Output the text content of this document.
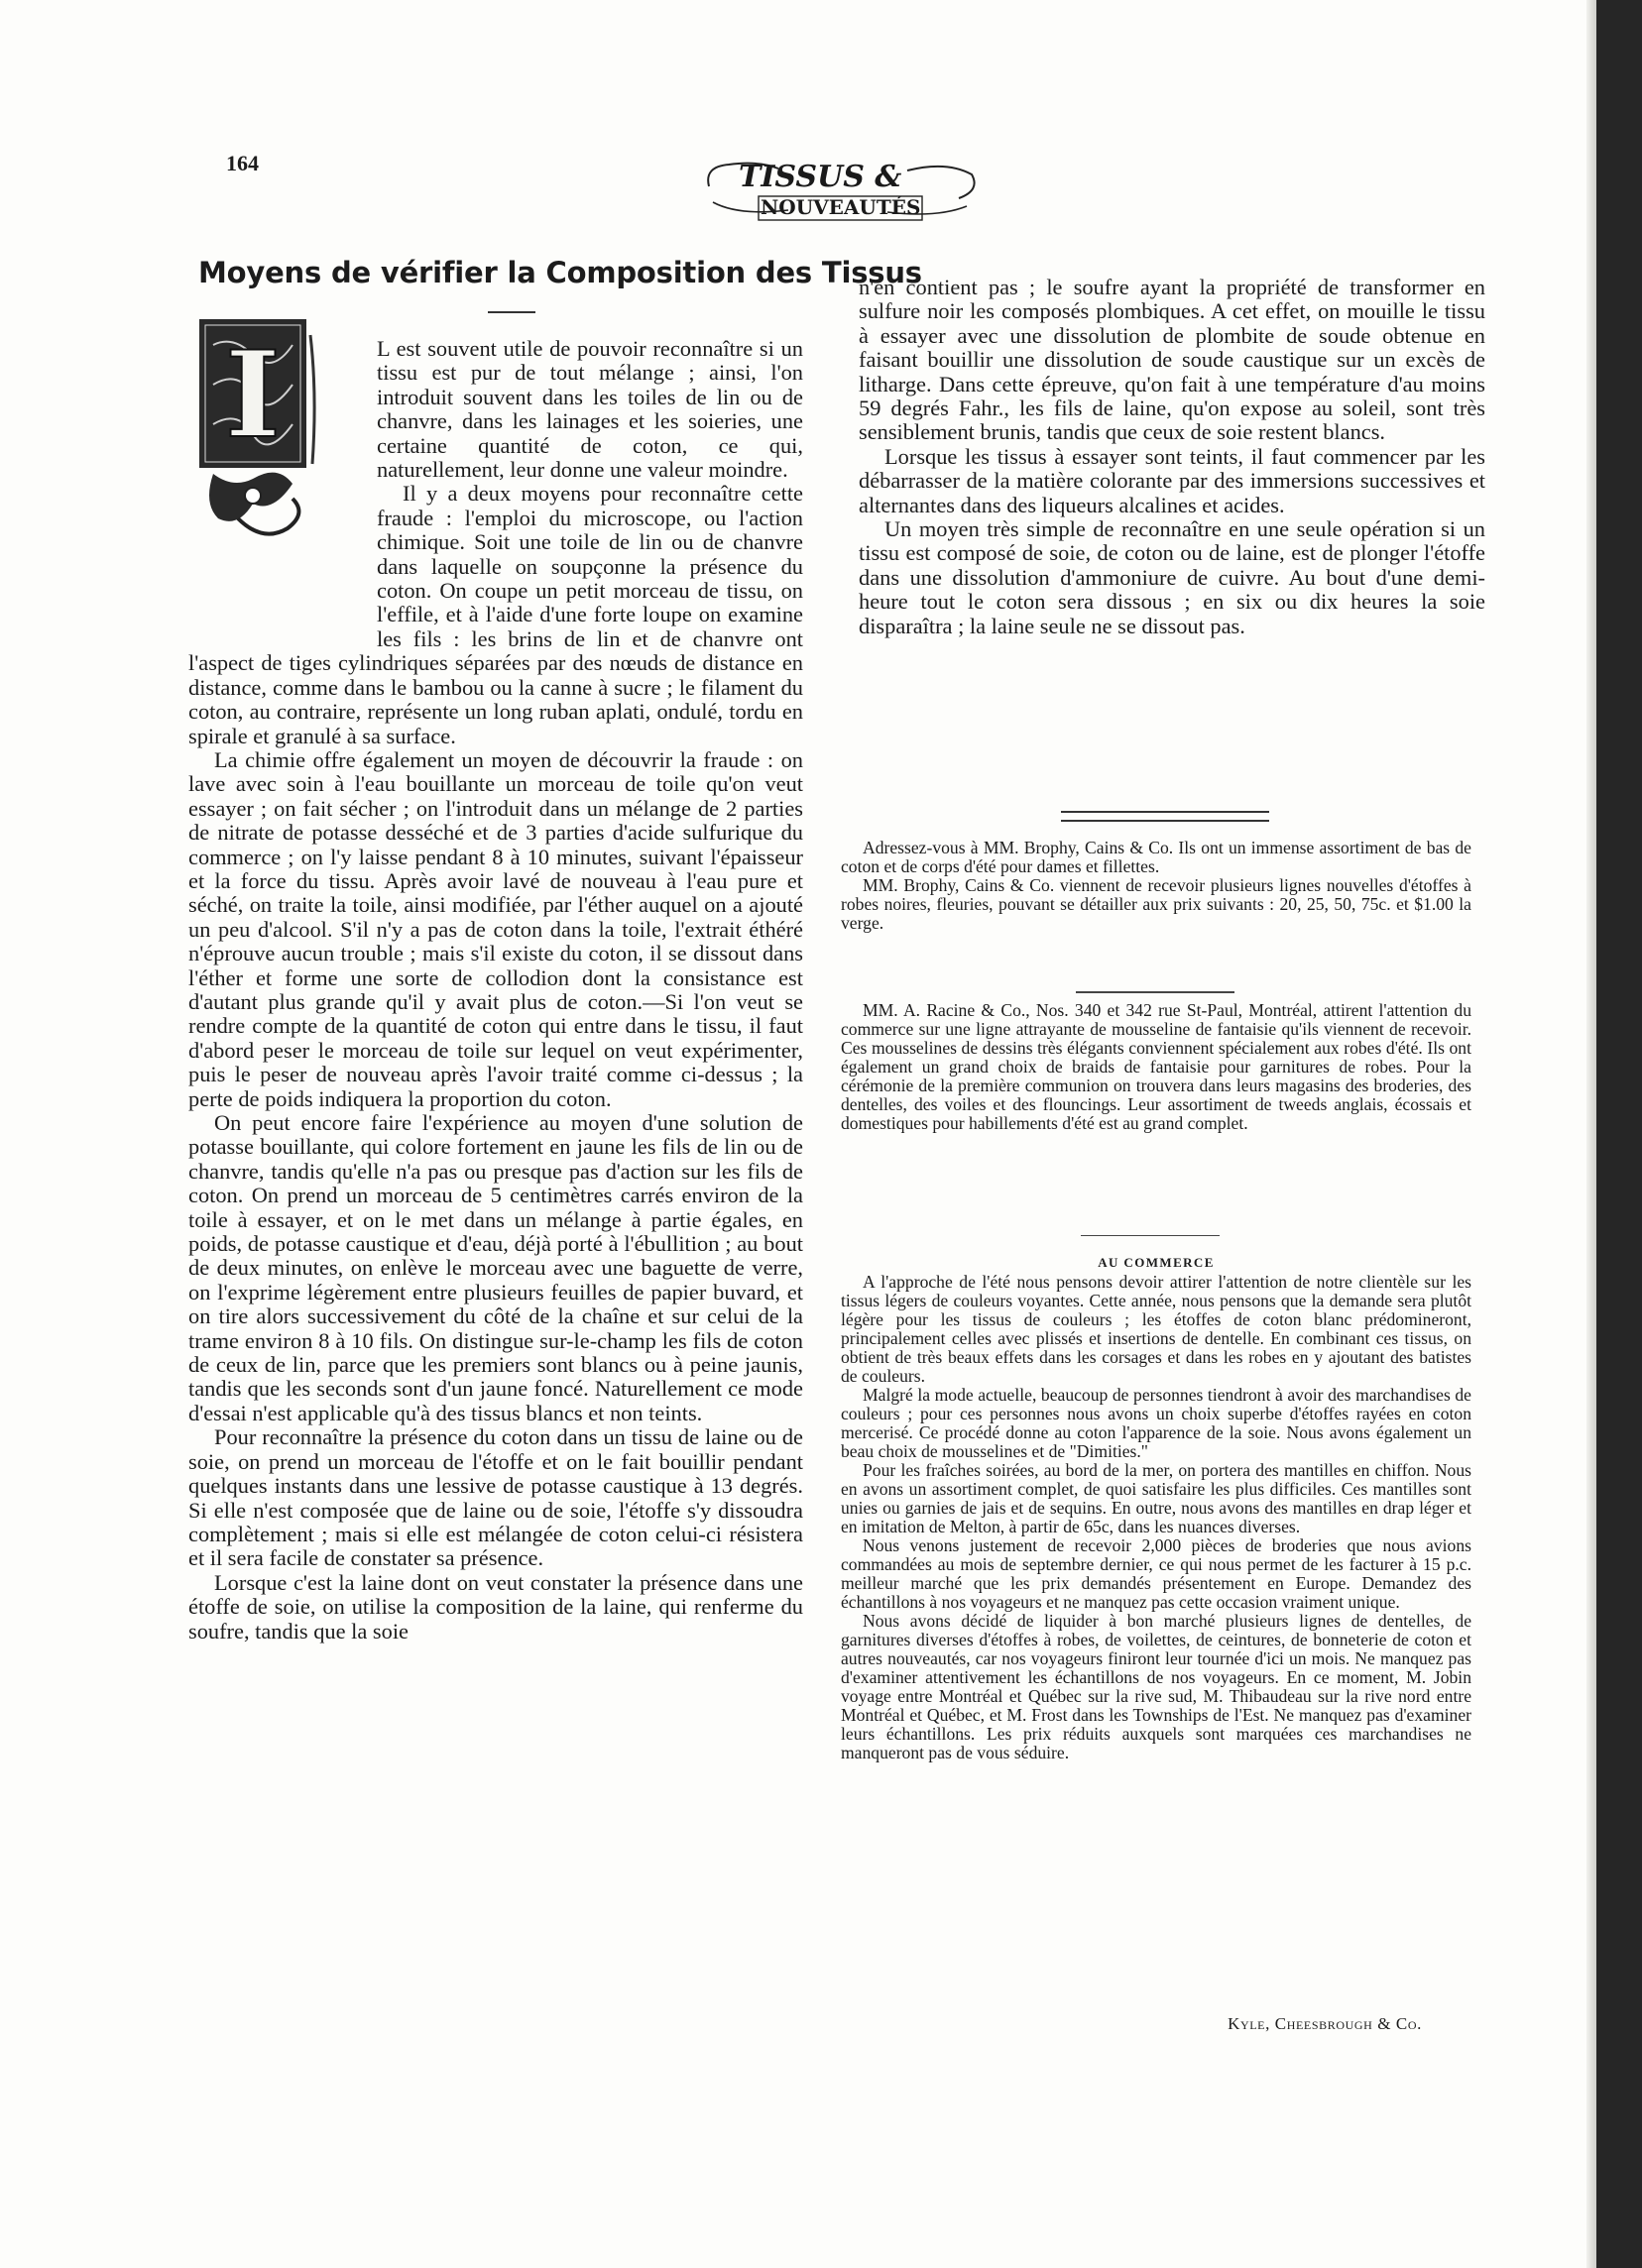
164	TISSUS &
NOUVEAUTÉS
Moyens de vérifier la Composition des Tissus
I	L est souvent utile de pouvoir reconnaître si un tissu est pur de tout mélange ; ainsi, l'on introduit souvent dans les toiles de lin ou de chanvre, dans les lainages et les soieries, une certaine quantité de coton, ce qui, naturellement, leur donne une valeur moindre.

Il y a deux moyens pour reconnaître cette fraude : l'emploi du microscope, ou l'action chimique. Soit une toile de lin ou de chanvre dans laquelle on soupçonne la présence du coton. On coupe un petit morceau de tissu, on l'effile, et à l'aide d'une forte loupe on examine les fils : les brins de lin et de chanvre ont l'aspect de tiges cylindriques séparées par des nœuds de distance en distance, comme dans le bambou ou la canne à sucre ; le filament du coton, au contraire, représente un long ruban aplati, ondulé, tordu en spirale et granulé à sa surface.

La chimie offre également un moyen de découvrir la fraude : on lave avec soin à l'eau bouillante un morceau de toile qu'on veut essayer ; on fait sécher ; on l'introduit dans un mélange de 2 parties de nitrate de potasse desséché et de 3 parties d'acide sulfurique du commerce ; on l'y laisse pendant 8 à 10 minutes, suivant l'épaisseur et la force du tissu. Après avoir lavé de nouveau à l'eau pure et séché, on traite la toile, ainsi modifiée, par l'éther auquel on a ajouté un peu d'alcool. S'il n'y a pas de coton dans la toile, l'extrait éthéré n'éprouve aucun trouble ; mais s'il existe du coton, il se dissout dans l'éther et forme une sorte de collodion dont la consistance est d'autant plus grande qu'il y avait plus de coton.—Si l'on veut se rendre compte de la quantité de coton qui entre dans le tissu, il faut d'abord peser le morceau de toile sur lequel on veut expérimenter, puis le peser de nouveau après l'avoir traité comme ci-dessus ; la perte de poids indiquera la proportion du coton.

On peut encore faire l'expérience au moyen d'une solution de potasse bouillante, qui colore fortement en jaune les fils de lin ou de chanvre, tandis qu'elle n'a pas ou presque pas d'action sur les fils de coton. On prend un morceau de 5 centimètres carrés environ de la toile à essayer, et on le met dans un mélange à partie égales, en poids, de potasse caustique et d'eau, déjà porté à l'ébullition ; au bout de deux minutes, on enlève le morceau avec une baguette de verre, on l'exprime légèrement entre plusieurs feuilles de papier buvard, et on tire alors successivement du côté de la chaîne et sur celui de la trame environ 8 à 10 fils. On distingue sur-le-champ les fils de coton de ceux de lin, parce que les premiers sont blancs ou à peine jaunis, tandis que les seconds sont d'un jaune foncé. Naturellement ce mode d'essai n'est applicable qu'à des tissus blancs et non teints.

Pour reconnaître la présence du coton dans un tissu de laine ou de soie, on prend un morceau de l'étoffe et on le fait bouillir pendant quelques instants dans une lessive de potasse caustique à 13 degrés. Si elle n'est composée que de laine ou de soie, l'étoffe s'y dissoudra complètement ; mais si elle est mélangée de coton celui-ci résistera et il sera facile de constater sa présence.

Lorsque c'est la laine dont on veut constater la présence dans une étoffe de soie, on utilise la composition de la laine, qui renferme du soufre, tandis que la soie

n'en contient pas ; le soufre ayant la propriété de transformer en sulfure noir les composés plombiques. A cet effet, on mouille le tissu à essayer avec une dissolution de plombite de soude obtenue en faisant bouillir une dissolution de soude caustique sur un excès de litharge. Dans cette épreuve, qu'on fait à une température d'au moins 59 degrés Fahr., les fils de laine, qu'on expose au soleil, sont très sensiblement brunis, tandis que ceux de soie restent blancs.

Lorsque les tissus à essayer sont teints, il faut commencer par les débarrasser de la matière colorante par des immersions successives et alternantes dans des liqueurs alcalines et acides.

Un moyen très simple de reconnaître en une seule opération si un tissu est composé de soie, de coton ou de laine, est de plonger l'étoffe dans une dissolution d'ammoniure de cuivre. Au bout d'une demi-heure tout le coton sera dissous ; en six ou dix heures la soie disparaîtra ; la laine seule ne se dissout pas.

Adressez-vous à MM. Brophy, Cains & Co. Ils ont un immense assortiment de bas de coton et de corps d'été pour dames et fillettes.

MM. Brophy, Cains & Co. viennent de recevoir plusieurs lignes nouvelles d'étoffes à robes noires, fleuries, pouvant se détailler aux prix suivants : 20, 25, 50, 75c. et $1.00 la verge.

MM. A. Racine & Co., Nos. 340 et 342 rue St-Paul, Montréal, attirent l'attention du commerce sur une ligne attrayante de mousseline de fantaisie qu'ils viennent de recevoir. Ces mousselines de dessins très élégants conviennent spécialement aux robes d'été. Ils ont également un grand choix de braids de fantaisie pour garnitures de robes. Pour la cérémonie de la première communion on trouvera dans leurs magasins des broderies, des dentelles, des voiles et des flouncings. Leur assortiment de tweeds anglais, écossais et domestiques pour habillements d'été est au grand complet.

AU COMMERCE

A l'approche de l'été nous pensons devoir attirer l'attention de notre clientèle sur les tissus légers de couleurs voyantes. Cette année, nous pensons que la demande sera plutôt légère pour les tissus de couleurs ; les étoffes de coton blanc prédomineront, principalement celles avec plissés et insertions de dentelle. En combinant ces tissus, on obtient de très beaux effets dans les corsages et dans les robes en y ajoutant des batistes de couleurs.

Malgré la mode actuelle, beaucoup de personnes tiendront à avoir des marchandises de couleurs ; pour ces personnes nous avons un choix superbe d'étoffes rayées en coton mercerisé. Ce procédé donne au coton l'apparence de la soie. Nous avons également un beau choix de mousselines et de "Dimities."

Pour les fraîches soirées, au bord de la mer, on portera des mantilles en chiffon. Nous en avons un assortiment complet, de quoi satisfaire les plus difficiles. Ces mantilles sont unies ou garnies de jais et de sequins. En outre, nous avons des mantilles en drap léger et en imitation de Melton, à partir de 65c, dans les nuances diverses.

Nous venons justement de recevoir 2,000 pièces de broderies que nous avions commandées au mois de septembre dernier, ce qui nous permet de les facturer à 15 p.c. meilleur marché que les prix demandés présentement en Europe. Demandez des échantillons à nos voyageurs et ne manquez pas cette occasion vraiment unique.

Nous avons décidé de liquider à bon marché plusieurs lignes de dentelles, de garnitures diverses d'étoffes à robes, de voilettes, de ceintures, de bonneterie de coton et autres nouveautés, car nos voyageurs finiront leur tournée d'ici un mois. Ne manquez pas d'examiner attentivement les échantillons de nos voyageurs. En ce moment, M. Jobin voyage entre Montréal et Québec sur la rive sud, M. Thibaudeau sur la rive nord entre Montréal et Québec, et M. Frost dans les Townships de l'Est. Ne manquez pas d'examiner leurs échantillons. Les prix réduits auxquels sont marquées ces marchandises ne manqueront pas de vous séduire.

Kyle, Cheesbrough & Co.
